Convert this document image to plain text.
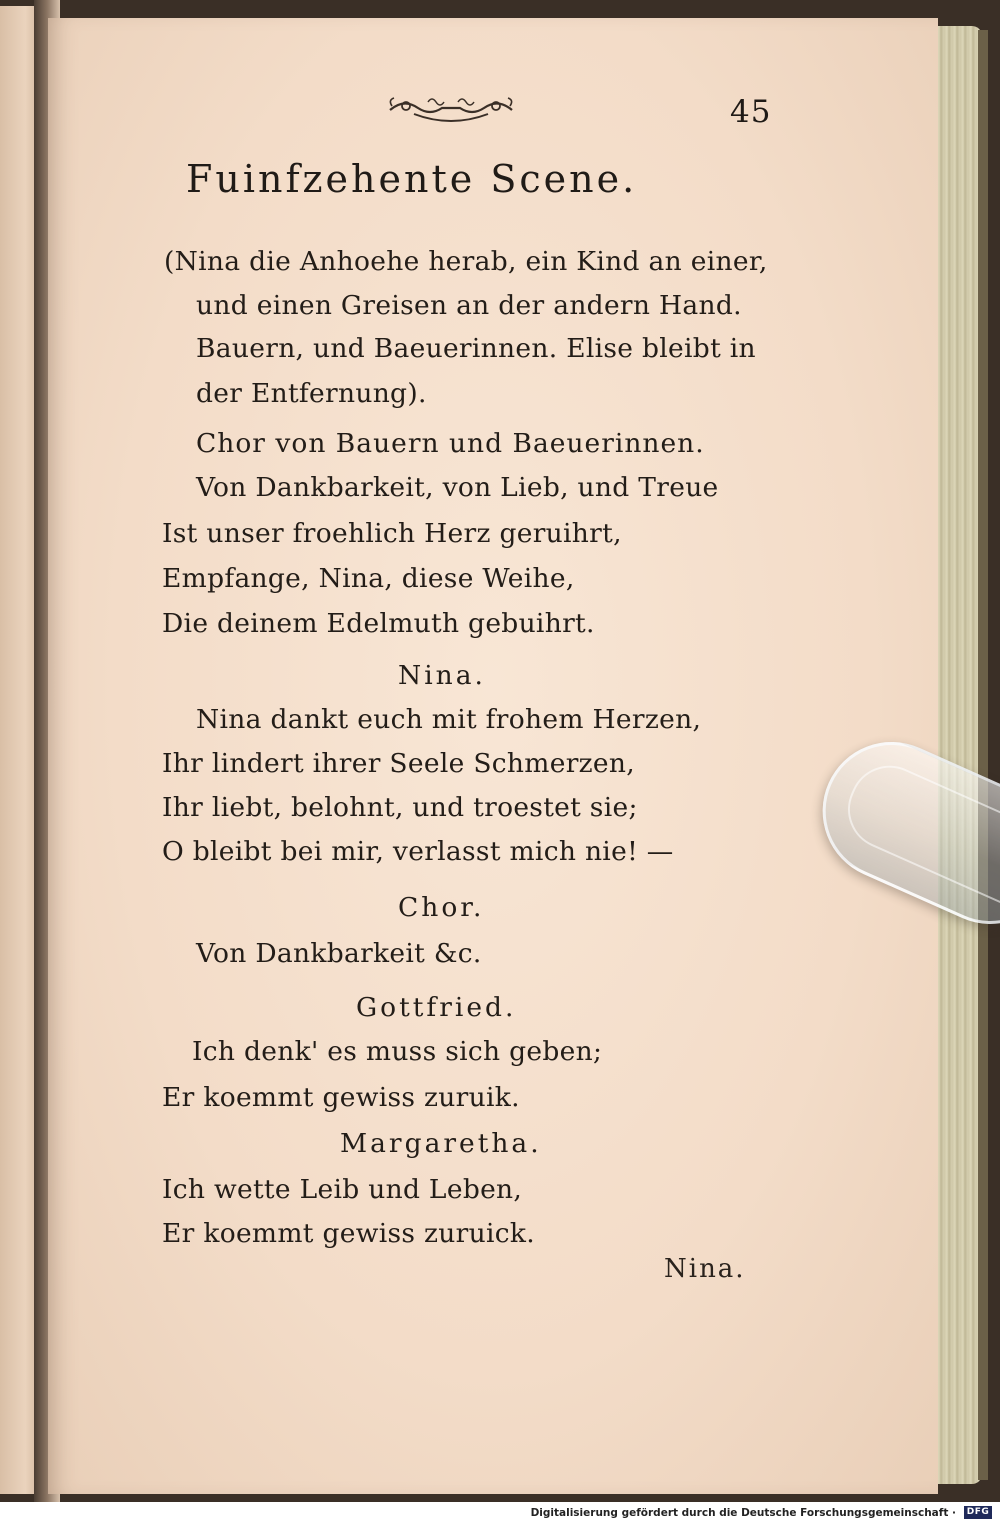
45
Fuinfzehente Scene.
(Nina die Anhoehe herab, ein Kind an einer,
und einen Greisen an der andern Hand.
Bauern, und Baeuerinnen. Elise bleibt in
der Entfernung).
Chor von Bauern und Baeuerinnen.
Von Dankbarkeit, von Lieb, und Treue
Ist unser froehlich Herz geruihrt,
Empfange, Nina, diese Weihe,
Die deinem Edelmuth gebuihrt.
Nina.
Nina dankt euch mit frohem Herzen,
Ihr lindert ihrer Seele Schmerzen,
Ihr liebt, belohnt, und troestet sie;
O bleibt bei mir, verlasst mich nie! —
Chor.
Von Dankbarkeit &c.
Gottfried.
Ich denk' es muss sich geben;
Er koemmt gewiss zuruik.
Margaretha.
Ich wette Leib und Leben,
Er koemmt gewiss zuruick.
Nina.
Digitalisierung gefördert durch die Deutsche Forschungsgemeinschaft ·	DFG
